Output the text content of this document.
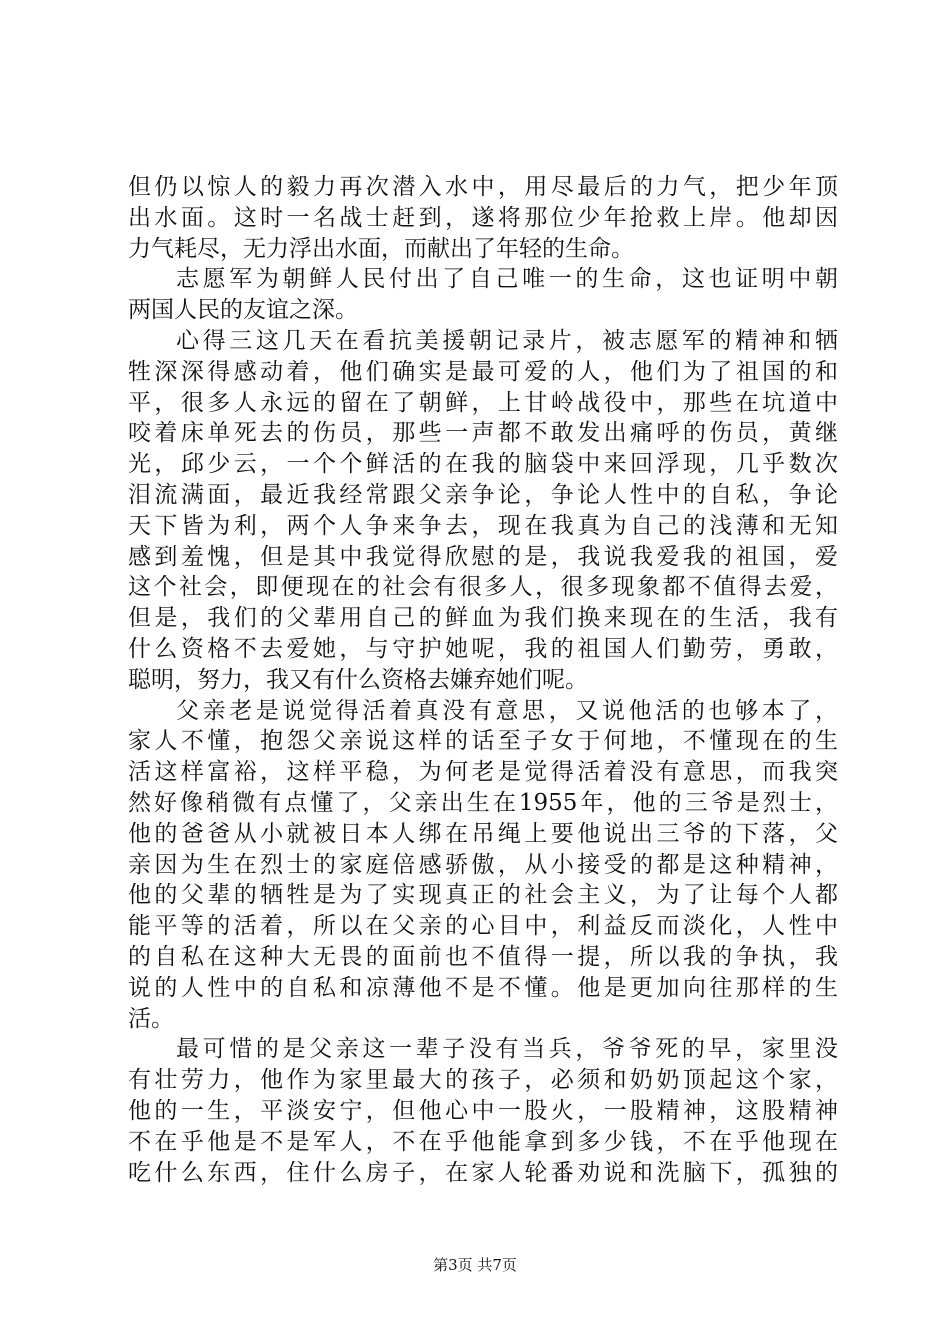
但仍以惊人的毅力再次潜入水中，用尽最后的力气，把少年顶
出水面。这时一名战士赶到，遂将那位少年抢救上岸。他却因
力气耗尽，无力浮出水面，而献出了年轻的生命。
志愿军为朝鲜人民付出了自己唯一的生命，这也证明中朝
两国人民的友谊之深。
心得三这几天在看抗美援朝记录片，被志愿军的精神和牺
牲深深得感动着，他们确实是最可爱的人，他们为了祖国的和
平，很多人永远的留在了朝鲜，上甘岭战役中，那些在坑道中
咬着床单死去的伤员，那些一声都不敢发出痛呼的伤员，黄继
光，邱少云，一个个鲜活的在我的脑袋中来回浮现，几乎数次
泪流满面，最近我经常跟父亲争论，争论人性中的自私，争论
天下皆为利，两个人争来争去，现在我真为自己的浅薄和无知
感到羞愧，但是其中我觉得欣慰的是，我说我爱我的祖国，爱
这个社会，即便现在的社会有很多人，很多现象都不值得去爱，
但是，我们的父辈用自己的鲜血为我们换来现在的生活，我有
什么资格不去爱她，与守护她呢，我的祖国人们勤劳，勇敢，
聪明，努力，我又有什么资格去嫌弃她们呢。
父亲老是说觉得活着真没有意思，又说他活的也够本了，
家人不懂，抱怨父亲说这样的话至子女于何地，不懂现在的生
活这样富裕，这样平稳，为何老是觉得活着没有意思，而我突
然好像稍微有点懂了，父亲出生在1955年，他的三爷是烈士，
他的爸爸从小就被日本人绑在吊绳上要他说出三爷的下落，父
亲因为生在烈士的家庭倍感骄傲，从小接受的都是这种精神，
他的父辈的牺牲是为了实现真正的社会主义，为了让每个人都
能平等的活着，所以在父亲的心目中，利益反而淡化，人性中
的自私在这种大无畏的面前也不值得一提，所以我的争执，我
说的人性中的自私和凉薄他不是不懂。他是更加向往那样的生
活。
最可惜的是父亲这一辈子没有当兵，爷爷死的早，家里没
有壮劳力，他作为家里最大的孩子，必须和奶奶顶起这个家，
他的一生，平淡安宁，但他心中一股火，一股精神，这股精神
不在乎他是不是军人，不在乎他能拿到多少钱，不在乎他现在
吃什么东西，住什么房子，在家人轮番劝说和洗脑下，孤独的
第3页 共7页
